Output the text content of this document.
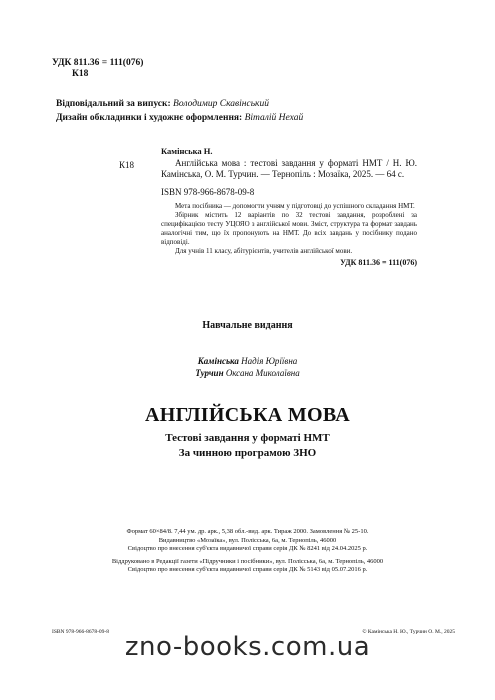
УДК 811.36 = 111(076)
К18
Відповідальний за випуск: Володимир Скавінський
Дизайн обкладинки і художнє оформлення: Віталій Нехай
К18
Камінська Н.
Англійська мова : тестові завдання у форматі НМТ / Н. Ю. Камінська, О. М. Турчин. — Тернопіль : Мозаїка, 2025. — 64 с.
ISBN 978-966-8678-09-8
Мета посібника — допомогти учням у підготовці до успішного складання НМТ.
Збірник містить 12 варіантів по 32 тестові завдання, розроблені за специфікацією тесту УЦОЯО з англійської мови. Зміст, структура та формат завдань аналогічні тим, що їх пропонують на НМТ. До всіх завдань у посібнику подано відповіді.
Для учнів 11 класу, абітурієнтів, учителів англійської мови.
УДК 811.36 = 111(076)
Навчальне видання
Камінська Надія Юріївна
Турчин Оксана Миколаївна
АНГЛІЙСЬКА МОВА
Тестові завдання у форматі НМТ
За чинною програмою ЗНО
Формат 60×84/8. 7,44 ум. др. арк., 5,38 обл.-вид. арк. Тираж 2000. Замовлення № 25-10.
Видавництво «Мозаїка», вул. Полісська, 6а, м. Тернопіль, 46000
Свідоцтво про внесення суб'єкта видавничої справи серія ДК № 8241 від 24.04.2025 р.
Віддруковано в Редакції газети «Підручники і посібники», вул. Полісська, 6а, м. Тернопіль, 46000
Свідоцтво про внесення суб'єкта видавничої справи серія ДК № 5143 від 05.07.2016 р.
ISBN 978-966-8678-09-8	© Камінська Н. Ю., Турчин О. М., 2025
zno-books.com.ua
